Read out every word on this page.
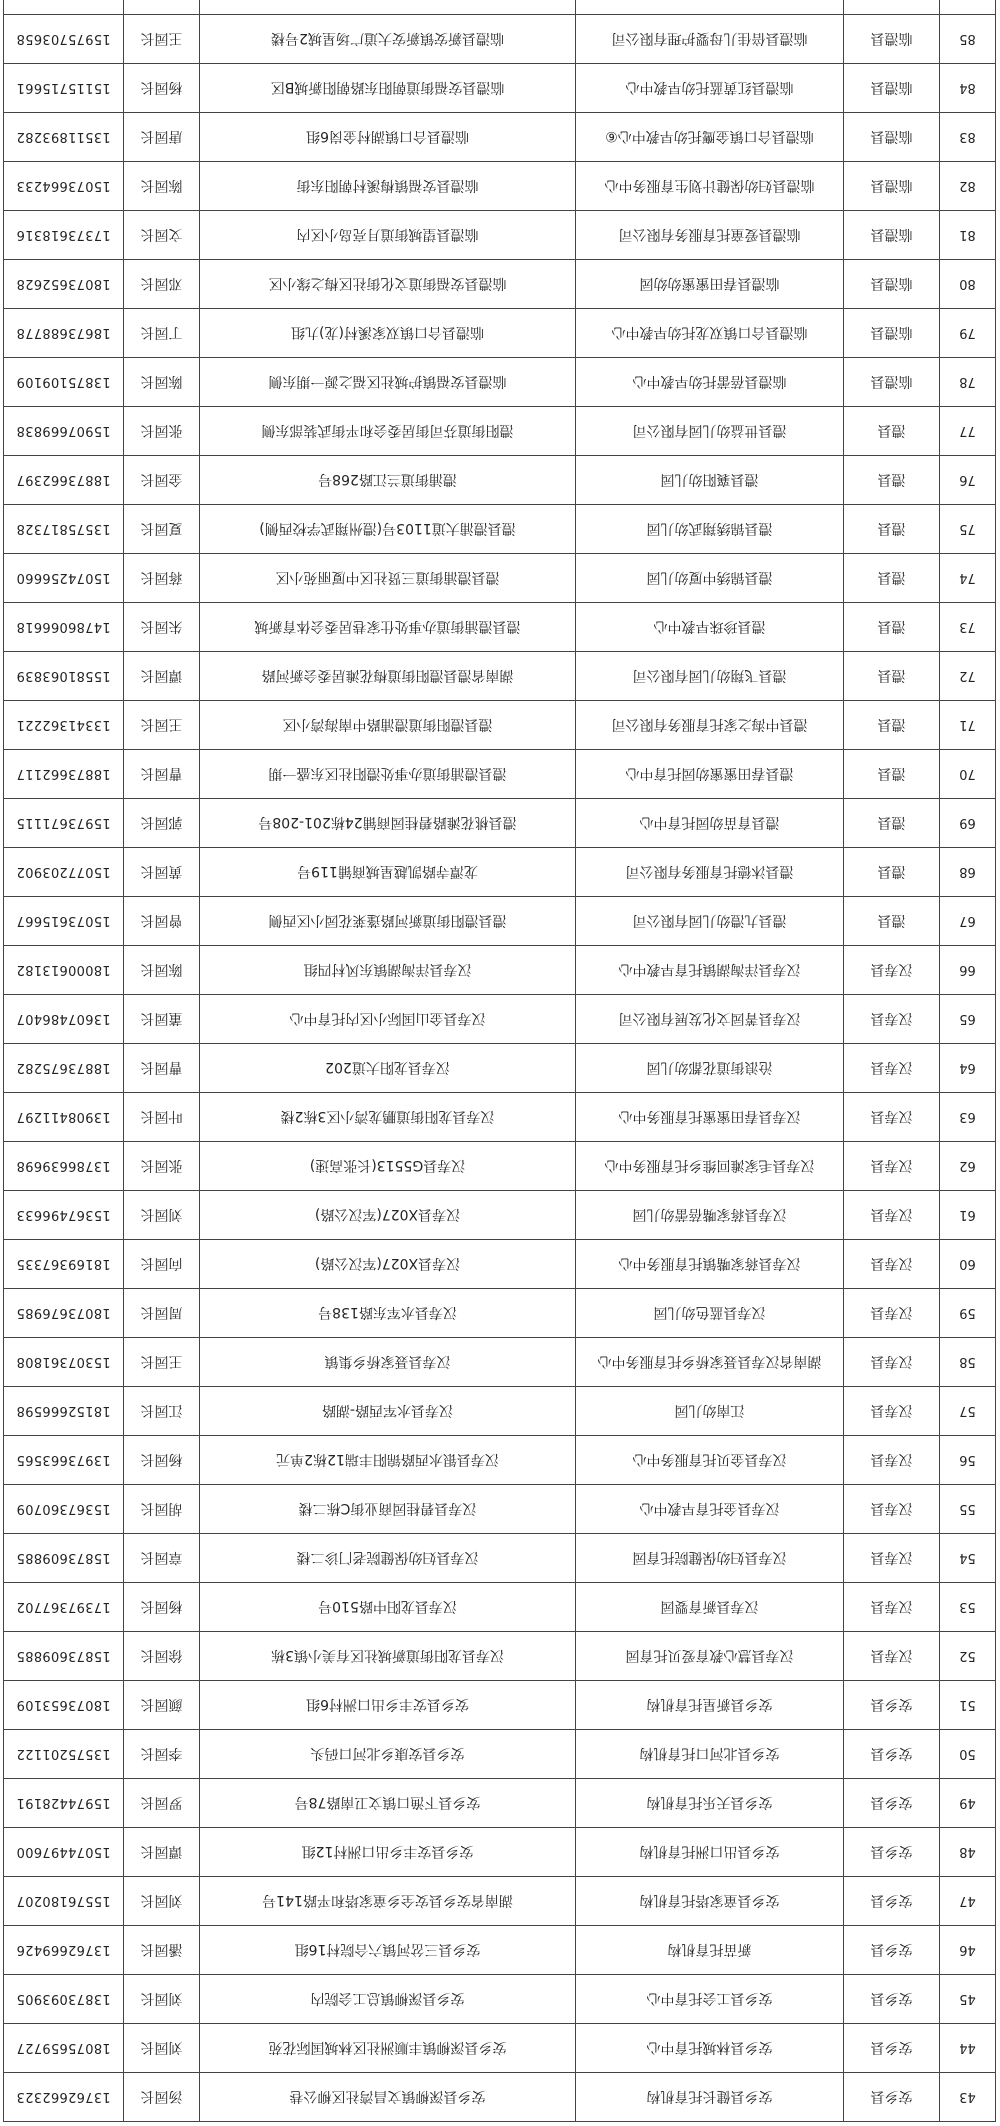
43	安乡县	安乡县健长托育机构	安乡县深柳镇文昌湾社区柳公巷	汤园长	13762662323
44	安乡县	安乡县林城托育中心	安乡县深柳镇丰顺洲社区林城国际花苑	刘园长	18075659727
45	安乡县	安乡县工会托育中心	安乡县深柳镇总工会院内	刘园长	13873093905
46	安乡县	新苗托育机构	安乡县三岔河镇六合院村16组	潘园长	13762669426
47	安乡县	安乡县童家塔托育机构	湖南省安乡县安全乡童家塔和平路141号	刘园长	15576180207
48	安乡县	安乡县出口洲托育机构	安乡县安丰乡出口洲村12组	谭园长	15074497600
49	安乡县	安乡县天乐托育机构	安乡县下渔口镇文卫南路78号	罗园长	15974428191
50	安乡县	安乡县北河口托育机构	安乡县安康乡北河口码头	李园长	13575201122
51	安乡县	安乡县新星托育机构	安乡县安丰乡出口洲村6组	颜园长	18073653109
52	汉寿县	汉寿县慧心教育爱贝托育园	汉寿县龙阳街道新城社区有美小镇3栋	徐园长	15873609885
53	汉寿县	汉寿县新育婴园	汉寿县龙阳中路510号	杨园长	17397367702
54	汉寿县	汉寿县妇幼保健院托育园	汉寿县妇幼保健院老门诊二楼	章园长	15873609885
55	汉寿县	汉寿县金托育早教中心	汉寿县碧桂园商业街C栋二楼	胡园长	15367360709
56	汉寿县	汉寿县金贝托育服务中心	汉寿县银水西路锦阳丰瑞12栋2单元	杨园长	13973663565
57	汉寿县	江南幼儿园	汉寿县水军西路-湖路	江园长	18152666598
58	汉寿县	湖南省汉寿县聂家桥乡托育服务中心	汉寿县聂家桥乡集镇	王园长	15307361808
59	汉寿县	汉寿县蓝色幼儿园	汉寿县水军东路138号	周园长	18073676985
60	汉寿县	汉寿县蒋家嘴镇托育服务中心	汉寿县X027(军汉公路)	向园长	18169367335
61	汉寿县	汉寿县蒋家嘴蓓蕾幼儿园	汉寿县X027(军汉公路)	刘园长	15367496633
62	汉寿县	汉寿县毛家滩回维乡托育服务中心	汉寿县G5513(长张高速)	张园长	13786639698
63	汉寿县	汉寿县春田蜜蜜托育服务中心	汉寿县龙阳街道鹏龙湾小区3栋2楼	叶园长	13908411297
64	汉寿县	沧浪街道花都幼儿园	汉寿县龙阳大道202	曹园长	18873675282
65	汉寿县	汉寿县菁园文化发展有限公司	汉寿县金山国际小区内托育中心	董园长	13607486407
66	汉寿县	汉寿县洋淘湖镇托育早教中心	汉寿县洋淘湖镇东风村四组	陈园长	18000613182
67	澧县	澧县九澧幼儿园有限公司	澧县澧阳街道新河路蓬莱花园小区西侧	曾园长	15073615667
68	澧县	澧县沐德托育服务有限公司	龙潭寺路凯越星城商铺119号	黄园长	15077203902
69	澧县	澧县育苗幼园托育中心	澧县桃花滩路碧桂园商铺24栋201-208号	郭园长	15973671115
70	澧县	澧县春田蜜蜜幼园托育中心	澧县澧浦街道办事处澧阳社区东盛一期	曹园长	18873662117
71	澧县	澧县中海之家托育服务有限公司	澧县澧阳街道澧浦路中南海湾小区	王园长	13341362221
72	澧县	澧县飞翔幼儿园有限公司	湖南省澧县澧阳街道梅花滩居委会新河路	谭园长	15581063839
73	澧县	澧县珍珠早教中心	澧县澧浦街道办事处仕家巷居委会体育新城	朱园长	14786066618
74	澧县	澧县锦绣中厦幼儿园	澧县澧浦街道三贤社区中厦丽苑小区	蒋园长	15074256660
75	澧县	澧县锦绣翔武幼儿园	澧县澧浦大道1103号(澧州翔武学校西侧)	夏园长	13575817328
76	澧县	澧县襄阳幼儿园	澧浦街道兰江路268号	金园长	18873662397
77	澧县	澧县世益幼儿园有限公司	澧阳街道芬司街居委会和平街武装部东侧	张园长	15907669838
78	临澧县	临澧县蓓蕾托幼早教中心	临澧县安福镇护城社区福之源一期东侧	陈园长	13875109109
79	临澧县	临澧县合口镇双龙托幼早教中心	临澧县合口镇双家溪村(龙)九组	丁园长	18673688778
80	临澧县	临澧县春田蜜蜜幼幼园	临澧县安福街道文化街社区梅之缘小区	邓园长	18073652628
81	临澧县	临澧县爱童托育服务有限公司	临澧县望城街道月亮岛小区内	文园长	17373618316
82	临澧县	临澧县妇幼保健计划生育服务中心	临澧县安福镇梅溪村朝阳东街	陈园长	15073664233
83	临澧县	临澧县合口镇金鹰托幼早教中心⑥	临澧县合口镇湖村金岗6组	唐园长	13511893282
84	临澧县	临澧县红黄蓝托幼早教中心	临澧县安福街道朝阳东路朝阳新城B区	杨园长	15115715661
85	临澧县	临澧县倍佳儿母婴护理有限公司	临澧县新安镇新安大道广场星城2号楼	王园长	15975703658
